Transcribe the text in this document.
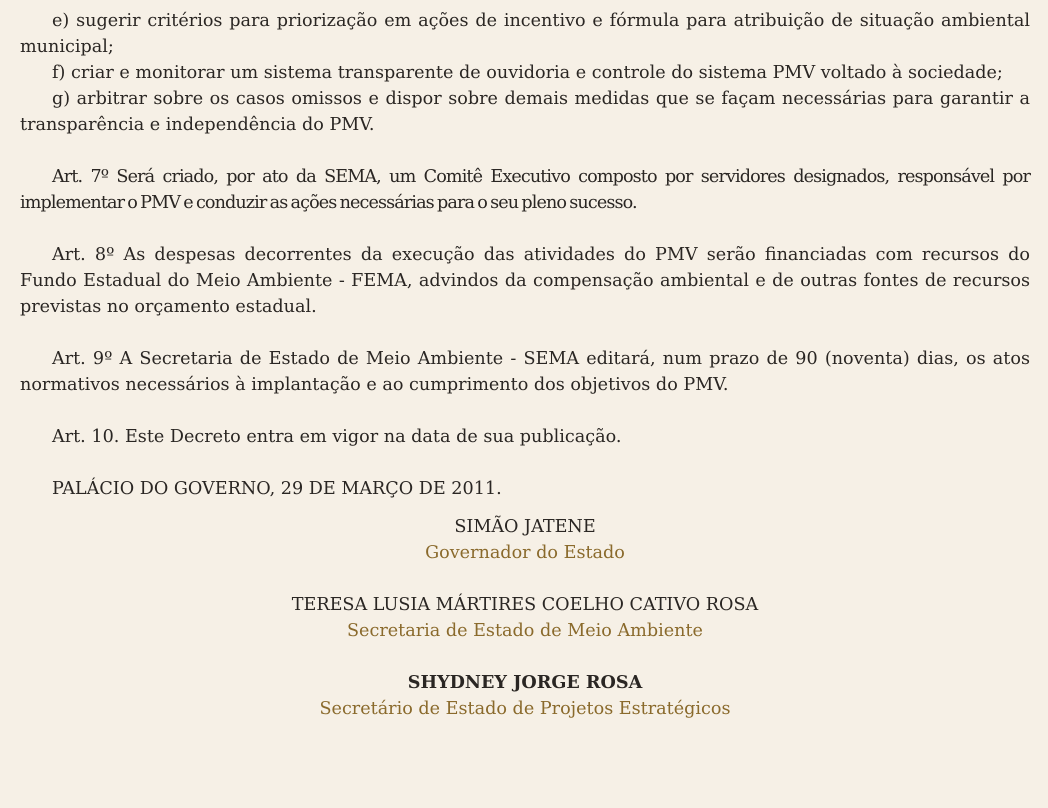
e) sugerir critérios para priorização em ações de incentivo e fórmula para atribuição de situação ambiental municipal;

f) criar e monitorar um sistema transparente de ouvidoria e controle do sistema PMV voltado à sociedade;

g) arbitrar sobre os casos omissos e dispor sobre demais medidas que se façam necessárias para garantir a transparência e independência do PMV.

Art. 7º Será criado, por ato da SEMA, um Comitê Executivo composto por servidores designados, responsável por implementar o PMV e conduzir as ações necessárias para o seu pleno sucesso.

Art. 8º As despesas decorrentes da execução das atividades do PMV serão financiadas com recursos do Fundo Estadual do Meio Ambiente - FEMA, advindos da compensação ambiental e de outras fontes de recursos previstas no orçamento estadual.

Art. 9º A Secretaria de Estado de Meio Ambiente - SEMA editará, num prazo de 90 (noventa) dias, os atos normativos necessários à implantação e ao cumprimento dos objetivos do PMV.

Art. 10. Este Decreto entra em vigor na data de sua publicação.

PALÁCIO DO GOVERNO, 29 DE MARÇO DE 2011.

SIMÃO JATENE
Governador do Estado

TERESA LUSIA MÁRTIRES COELHO CATIVO ROSA
Secretaria de Estado de Meio Ambiente

SHYDNEY JORGE ROSA
Secretário de Estado de Projetos Estratégicos
